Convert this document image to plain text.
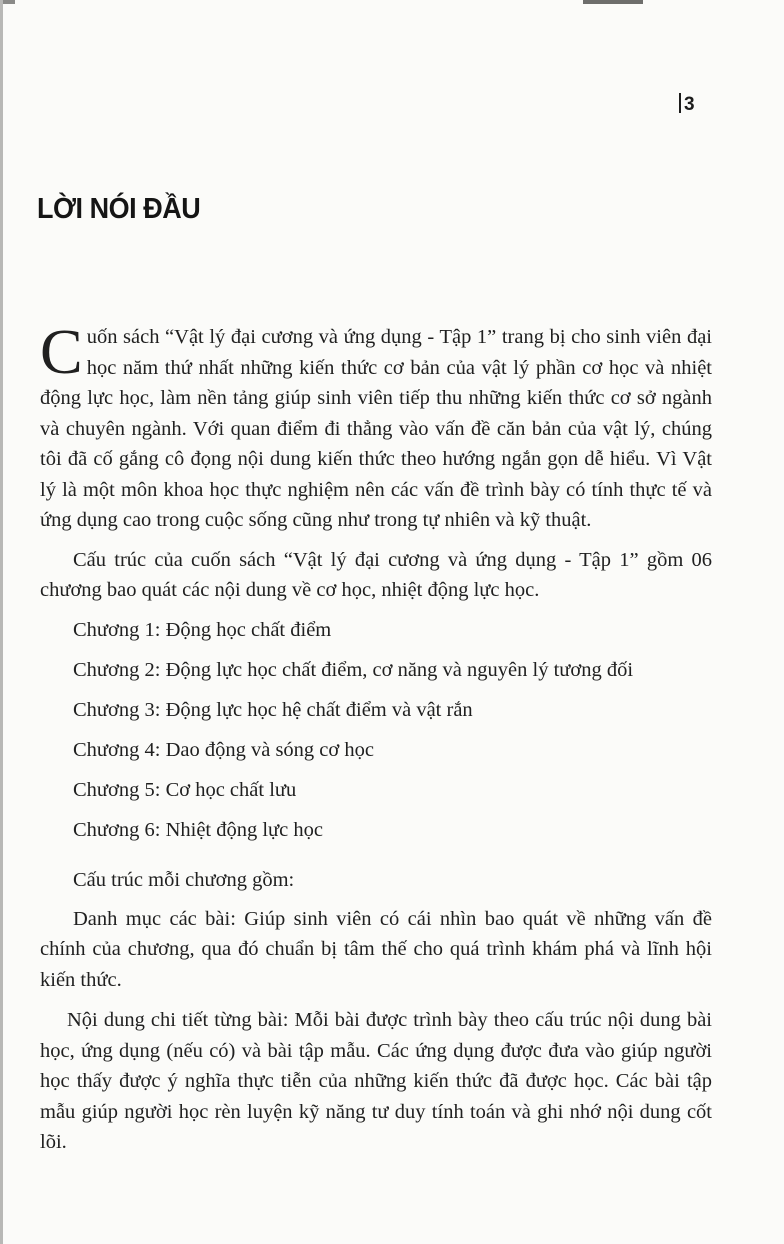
3
LỜI NÓI ĐẦU

Cuốn sách “Vật lý đại cương và ứng dụng - Tập 1” trang bị cho sinh viên đại học năm thứ nhất những kiến thức cơ bản của vật lý phần cơ học và nhiệt động lực học, làm nền tảng giúp sinh viên tiếp thu những kiến thức cơ sở ngành và chuyên ngành. Với quan điểm đi thẳng vào vấn đề căn bản của vật lý, chúng tôi đã cố gắng cô đọng nội dung kiến thức theo hướng ngắn gọn dễ hiểu. Vì Vật lý là một môn khoa học thực nghiệm nên các vấn đề trình bày có tính thực tế và ứng dụng cao trong cuộc sống cũng như trong tự nhiên và kỹ thuật.

Cấu trúc của cuốn sách “Vật lý đại cương và ứng dụng - Tập 1” gồm 06 chương bao quát các nội dung về cơ học, nhiệt động lực học.

Chương 1: Động học chất điểm
Chương 2: Động lực học chất điểm, cơ năng và nguyên lý tương đối
Chương 3: Động lực học hệ chất điểm và vật rắn
Chương 4: Dao động và sóng cơ học
Chương 5: Cơ học chất lưu
Chương 6: Nhiệt động lực học

Cấu trúc mỗi chương gồm:

Danh mục các bài: Giúp sinh viên có cái nhìn bao quát về những vấn đề chính của chương, qua đó chuẩn bị tâm thế cho quá trình khám phá và lĩnh hội kiến thức.

Nội dung chi tiết từng bài: Mỗi bài được trình bày theo cấu trúc nội dung bài học, ứng dụng (nếu có) và bài tập mẫu. Các ứng dụng được đưa vào giúp người học thấy được ý nghĩa thực tiễn của những kiến thức đã được học. Các bài tập mẫu giúp người học rèn luyện kỹ năng tư duy tính toán và ghi nhớ nội dung cốt lõi.
